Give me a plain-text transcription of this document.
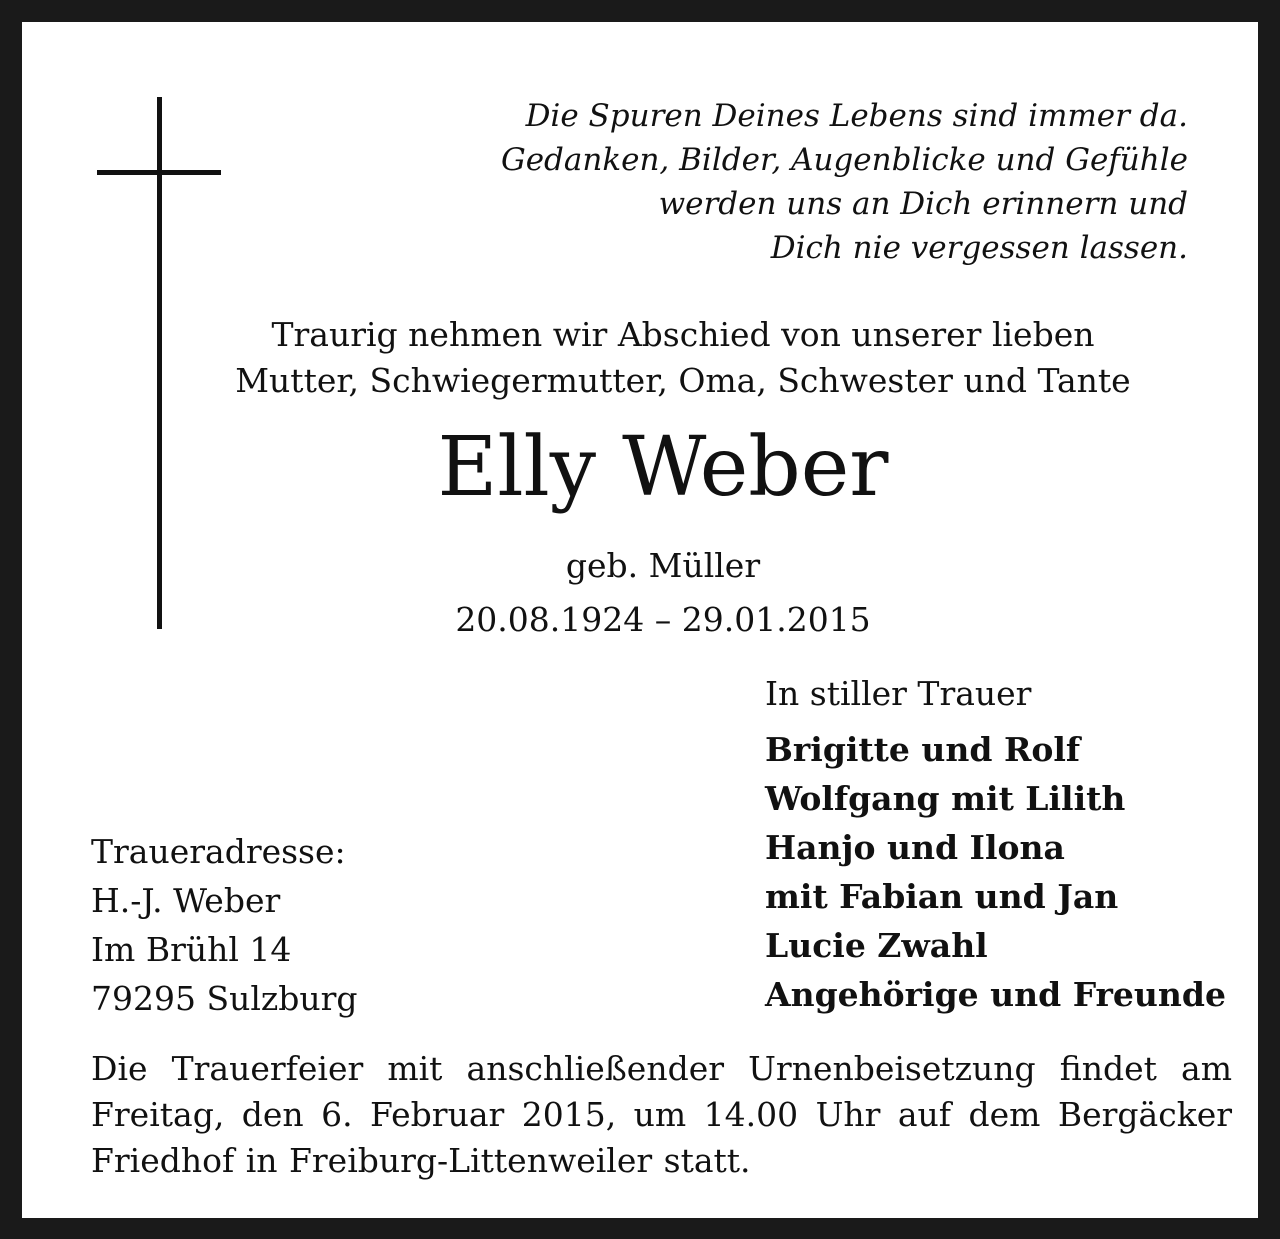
Die Spuren Deines Lebens sind immer da.
Gedanken, Bilder, Augenblicke und Gefühle
werden uns an Dich erinnern und
Dich nie vergessen lassen.
Traurig nehmen wir Abschied von unserer lieben
Mutter, Schwiegermutter, Oma, Schwester und Tante
Elly Weber
geb. Müller
20.08.1924 – 29.01.2015
In stiller Trauer
Brigitte und Rolf
Wolfgang mit Lilith
Hanjo und Ilona
mit Fabian und Jan
Lucie Zwahl
Angehörige und Freunde
Traueradresse:
H.-J. Weber
Im Brühl 14
79295 Sulzburg
Die Trauerfeier mit anschließender Urnenbeisetzung findet am Freitag, den 6. Februar 2015, um 14.00 Uhr auf dem Bergäcker Friedhof in Freiburg-Littenweiler statt.
